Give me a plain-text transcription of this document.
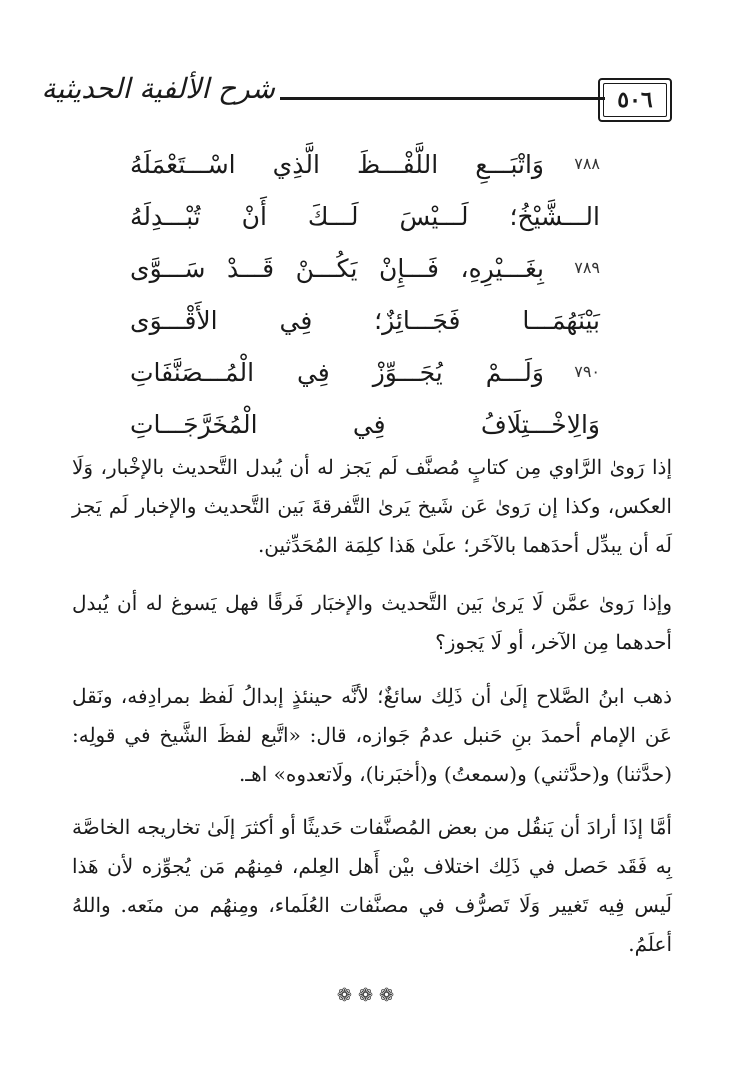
شرح الألفية الحديثية	٥٠٦
٧٨٨
وَاتْبَـــعِ اللَّفْـــظَ الَّذِي اسْـــتَعْمَلَهُ
الـــشَّيْخُ؛ لَـــيْسَ لَـــكَ أَنْ تُبْـــدِلَهُ
٧٨٩
بِغَـــيْرِهِ، فَـــإِنْ يَكُـــنْ قَـــدْ سَـــوَّى
بَيْنَهُمَـــا فَجَـــائِزٌ؛ فِي الأَقْـــوَى
٧٩٠
وَلَـــمْ يُجَـــوِّزْ فِي الْمُـــصَنَّفَاتِ
وَالِاخْـــتِلَافُ فِي الْمُخَرَّجَـــاتِ

إذا رَوىٰ الرَّاوي مِن كتابٍ مُصنَّف لَم يَجز له أن يُبدل التَّحديث بالإخْبار، وَلَا العكس، وكذا إن رَوىٰ عَن شَيخ يَرىٰ التَّفرقةَ بَين التَّحديث والإخبار لَم يَجز لَه أن يبدِّل أحدَهما بالآخَر؛ علَىٰ هَذا كلِمَة المُحَدِّثين.

وإذا رَوىٰ عمَّن لَا يَرىٰ بَين التَّحديث والإخبَار فَرقًا فهل يَسوغ له أن يُبدل أحدهما مِن الآخر، أو لَا يَجوز؟

ذهب ابنُ الصَّلاح إلَىٰ أن ذَلِك سائغٌ؛ لأنَّه حينئذٍ إبدالُ لَفظ بمرادِفه، ونَقل عَن الإمام أحمدَ بنِ حَنبل عدمُ جَوازه، قال: «اتَّبع لفظَ الشَّيخ في قولِه: (حدَّثنا) و(حدَّثني) و(سمعتُ) و(أخبَرنا)، ولَاتعدوه» اهـ.

أمَّا إذَا أرادَ أن يَنقُل من بعض المُصنَّفات حَديثًا أو أكثرَ إلَىٰ تخاريجه الخاصَّة بِه فَقَد حَصل في ذَلِك اختلاف بيْن أَهل العِلم، فمِنهُم مَن يُجوِّزه لأن هَذا لَيس فِيه تَغيير وَلَا تَصرُّف في مصنَّفات العُلَماء، ومِنهُم من منَعه. واللهُ أعلَمُ.

❁❁❁
